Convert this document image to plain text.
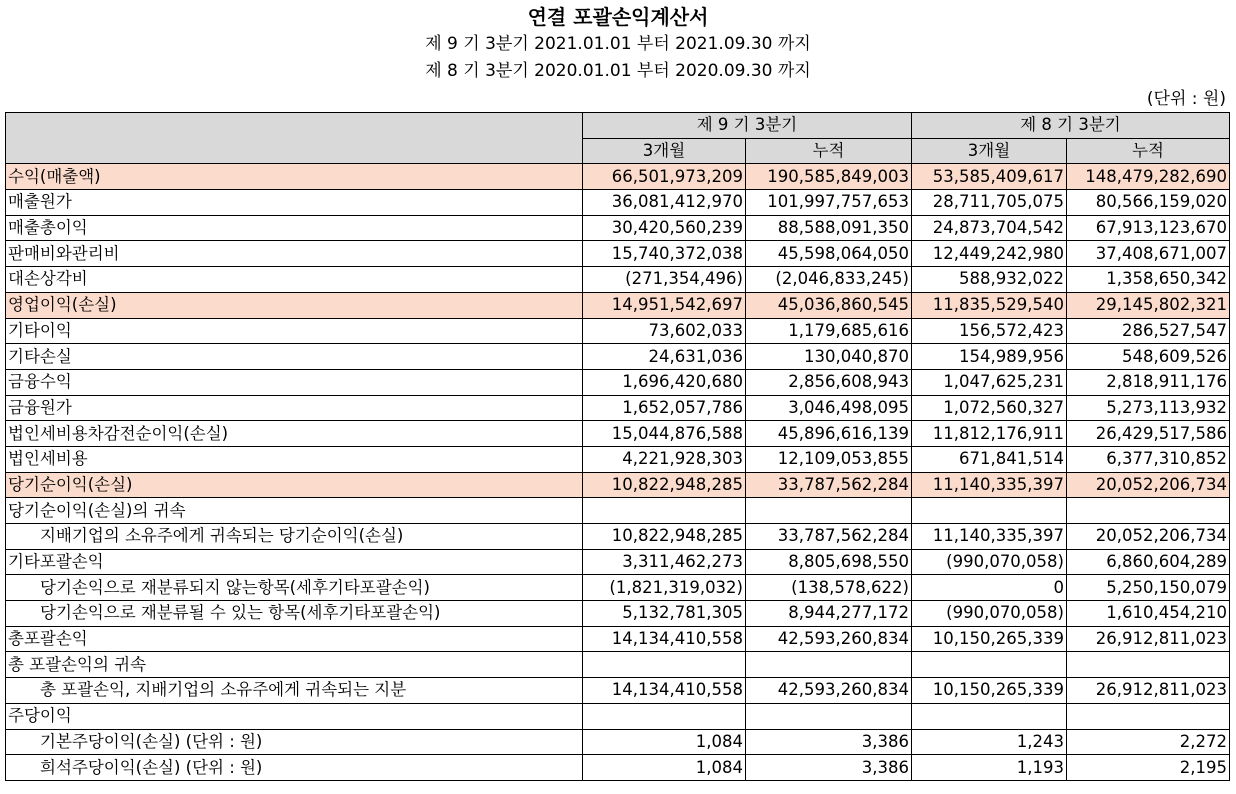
연결 포괄손익계산서
제 9 기 3분기 2021.01.01 부터 2021.09.30 까지
제 8 기 3분기 2020.01.01 부터 2020.09.30 까지
(단위 : 원)
	제 9 기 3분기		제 8 기 3분기	
	3개월	누적	3개월	누적
수익(매출액)	66,501,973,209	190,585,849,003	53,585,409,617	148,479,282,690
매출원가	36,081,412,970	101,997,757,653	28,711,705,075	80,566,159,020
매출총이익	30,420,560,239	88,588,091,350	24,873,704,542	67,913,123,670
판매비와관리비	15,740,372,038	45,598,064,050	12,449,242,980	37,408,671,007
대손상각비	(271,354,496)	(2,046,833,245)	588,932,022	1,358,650,342
영업이익(손실)	14,951,542,697	45,036,860,545	11,835,529,540	29,145,802,321
기타이익	73,602,033	1,179,685,616	156,572,423	286,527,547
기타손실	24,631,036	130,040,870	154,989,956	548,609,526
금융수익	1,696,420,680	2,856,608,943	1,047,625,231	2,818,911,176
금융원가	1,652,057,786	3,046,498,095	1,072,560,327	5,273,113,932
법인세비용차감전순이익(손실)	15,044,876,588	45,896,616,139	11,812,176,911	26,429,517,586
법인세비용	4,221,928,303	12,109,053,855	671,841,514	6,377,310,852
당기순이익(손실)	10,822,948,285	33,787,562,284	11,140,335,397	20,052,206,734
당기순이익(손실)의 귀속				
지배기업의 소유주에게 귀속되는 당기순이익(손실)	10,822,948,285	33,787,562,284	11,140,335,397	20,052,206,734
기타포괄손익	3,311,462,273	8,805,698,550	(990,070,058)	6,860,604,289
당기손익으로 재분류되지 않는항목(세후기타포괄손익)	(1,821,319,032)	(138,578,622)	0	5,250,150,079
당기손익으로 재분류될 수 있는 항목(세후기타포괄손익)	5,132,781,305	8,944,277,172	(990,070,058)	1,610,454,210
총포괄손익	14,134,410,558	42,593,260,834	10,150,265,339	26,912,811,023
총 포괄손익의 귀속				
총 포괄손익, 지배기업의 소유주에게 귀속되는 지분	14,134,410,558	42,593,260,834	10,150,265,339	26,912,811,023
주당이익				
기본주당이익(손실) (단위 : 원)	1,084	3,386	1,243	2,272
희석주당이익(손실) (단위 : 원)	1,084	3,386	1,193	2,195
